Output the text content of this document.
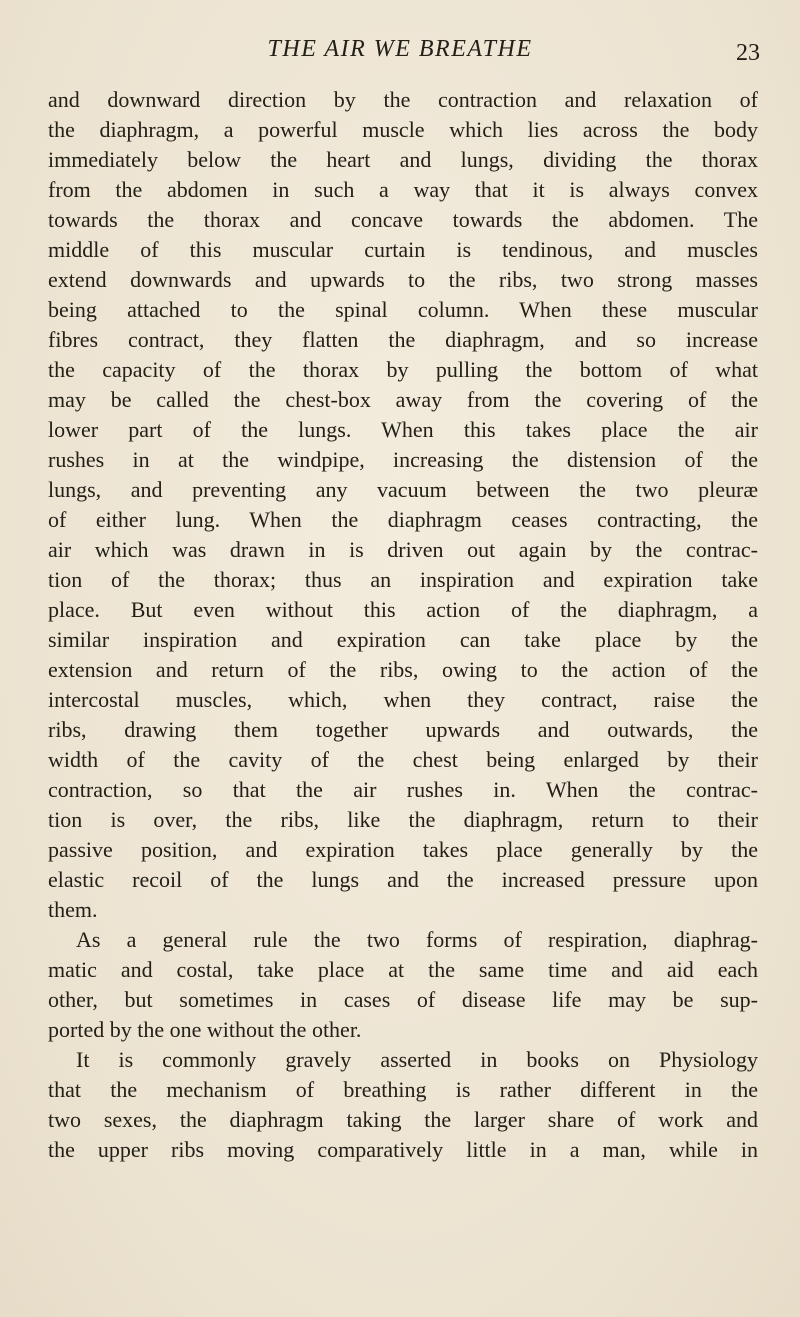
THE AIR WE BREATHE	23
and downward direction by the contraction and relaxation of
the diaphragm, a powerful muscle which lies across the body
immediately below the heart and lungs, dividing the thorax
from the abdomen in such a way that it is always convex
towards the thorax and concave towards the abdomen. The
middle of this muscular curtain is tendinous, and muscles
extend downwards and upwards to the ribs, two strong masses
being attached to the spinal column. When these muscular
fibres contract, they flatten the diaphragm, and so increase
the capacity of the thorax by pulling the bottom of what
may be called the chest-box away from the covering of the
lower part of the lungs. When this takes place the air
rushes in at the windpipe, increasing the distension of the
lungs, and preventing any vacuum between the two pleuræ
of either lung. When the diaphragm ceases contracting, the
air which was drawn in is driven out again by the contrac-
tion of the thorax; thus an inspiration and expiration take
place. But even without this action of the diaphragm, a
similar inspiration and expiration can take place by the
extension and return of the ribs, owing to the action of the
intercostal muscles, which, when they contract, raise the
ribs, drawing them together upwards and outwards, the
width of the cavity of the chest being enlarged by their
contraction, so that the air rushes in. When the contrac-
tion is over, the ribs, like the diaphragm, return to their
passive position, and expiration takes place generally by the
elastic recoil of the lungs and the increased pressure upon
them.
As a general rule the two forms of respiration, diaphrag-
matic and costal, take place at the same time and aid each
other, but sometimes in cases of disease life may be sup-
ported by the one without the other.
It is commonly gravely asserted in books on Physiology
that the mechanism of breathing is rather different in the
two sexes, the diaphragm taking the larger share of work and
the upper ribs moving comparatively little in a man, while in
